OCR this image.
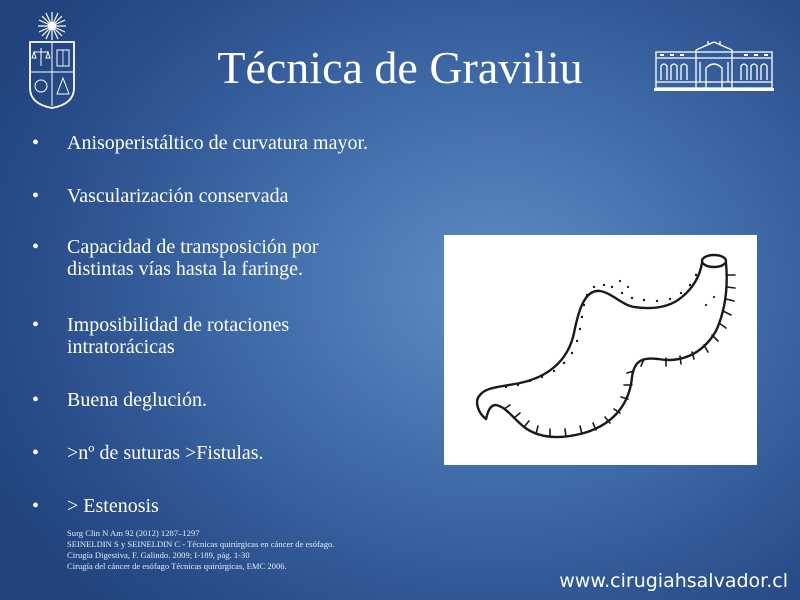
Técnica de Graviliu
• Anisoperistáltico de curvatura mayor.
• Vascularización conservada
• Capacidad de transposición por distintas vías hasta la faringe.
• Imposibilidad de rotaciones intratorácicas
• Buena deglución.
• >nº de suturas >Fistulas.
• > Estenosis
Surg Clin N Am 92 (2012) 1287–1297
SEINELDIN S y SEINELDIN C - Técnicas quirúrgicas en cáncer de esófago.
Cirugía Digestiva, F. Galindo. 2009; I-189, pág. 1-30
Cirugía del cáncer de esófago Técnicas quirúrgicas, EMC 2006.
www.cirugiahsalvador.cl
